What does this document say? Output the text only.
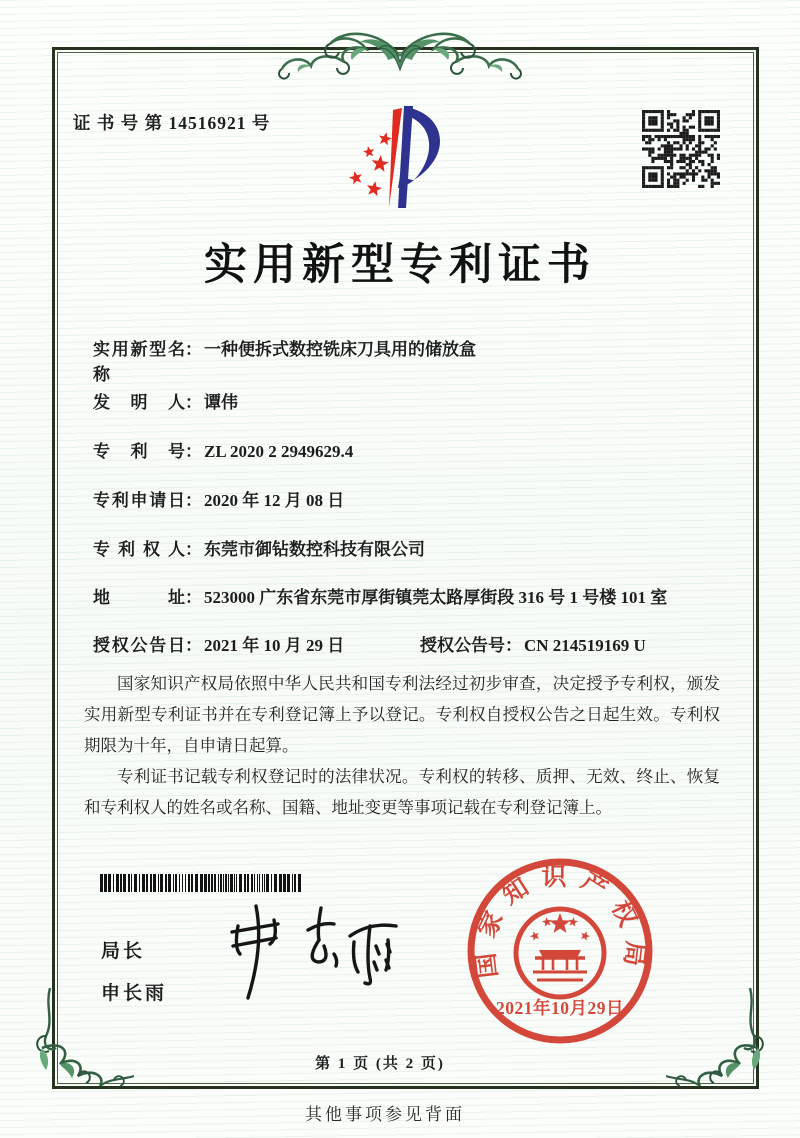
证 书 号 第 14516921 号
实用新型专利证书
实用新型名称： 一种便拆式数控铣床刀具用的储放盒
发明人： 谭伟
专利号： ZL 2020 2 2949629.4
专利申请日： 2020 年 12 月 08 日
专利权人： 东莞市御钻数控科技有限公司
地址： 523000 广东省东莞市厚街镇莞太路厚街段 316 号 1 号楼 101 室
授权公告日： 2021 年 10 月 29 日	授权公告号： CN 214519169 U

国家知识产权局依照中华人民共和国专利法经过初步审查，决定授予专利权，颁发实用新型专利证书并在专利登记簿上予以登记。专利权自授权公告之日起生效。专利权期限为十年，自申请日起算。

专利证书记载专利权登记时的法律状况。专利权的转移、质押、无效、终止、恢复和专利权人的姓名或名称、国籍、地址变更等事项记载在专利登记簿上。

局长
申长雨
国家知识产权局
2021年10月29日
第 1 页 (共 2 页)
其他事项参见背面
